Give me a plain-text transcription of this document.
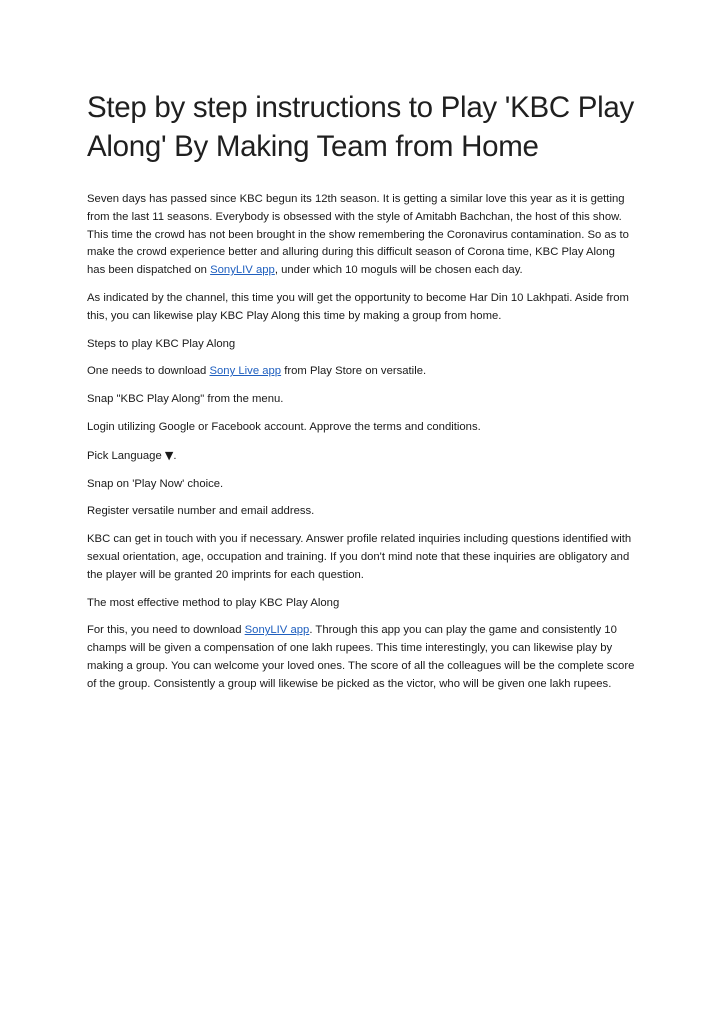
Step by step instructions to Play 'KBC Play Along' By Making Team from Home

Seven days has passed since KBC begun its 12th season. It is getting a similar love this year as it is getting from the last 11 seasons. Everybody is obsessed with the style of Amitabh Bachchan, the host of this show. This time the crowd has not been brought in the show remembering the Coronavirus contamination. So as to make the crowd experience better and alluring during this difficult season of Corona time, KBC Play Along has been dispatched on SonyLIV app, under which 10 moguls will be chosen each day.

As indicated by the channel, this time you will get the opportunity to become Har Din 10 Lakhpati. Aside from this, you can likewise play KBC Play Along this time by making a group from home.

Steps to play KBC Play Along

One needs to download Sony Live app from Play Store on versatile.

Snap "KBC Play Along" from the menu.

Login utilizing Google or Facebook account. Approve the terms and conditions.

Pick Language ▼.

Snap on 'Play Now' choice.

Register versatile number and email address.

KBC can get in touch with you if necessary. Answer profile related inquiries including questions identified with sexual orientation, age, occupation and training. If you don't mind note that these inquiries are obligatory and the player will be granted 20 imprints for each question.

The most effective method to play KBC Play Along

For this, you need to download SonyLIV app. Through this app you can play the game and consistently 10 champs will be given a compensation of one lakh rupees. This time interestingly, you can likewise play by making a group. You can welcome your loved ones. The score of all the colleagues will be the complete score of the group. Consistently a group will likewise be picked as the victor, who will be given one lakh rupees.
